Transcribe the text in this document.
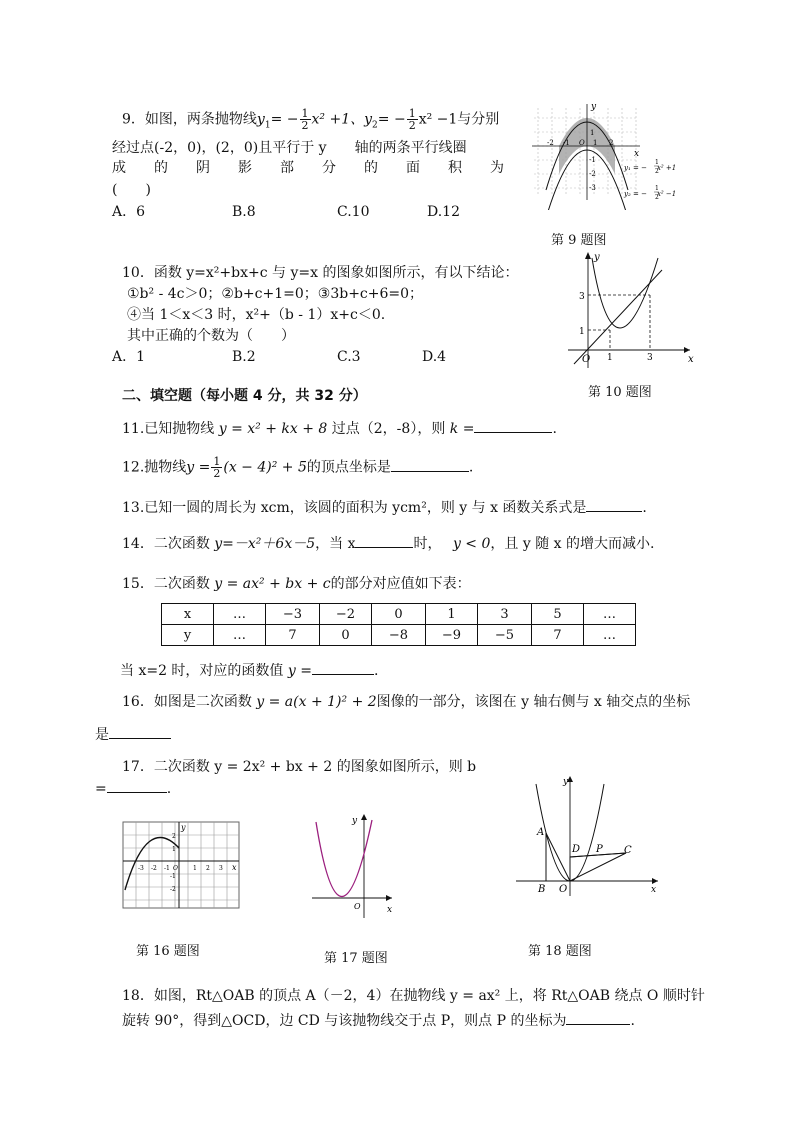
9．如图，两条抛物线$y_1= - \frac{1}{2} x^2 +1$、$y_2= - \frac{1}{2} x^2 -1$与分别
经过点(-2，0)，(2，0)且平行于 y　　轴的两条平行线圈
成　　的　　阴　　影　　部　　分　　的　　面　　积　　为
(　　)
A．6	B.8	C.10	D.12
y
x
-2 -1 O 1 2
1
-1
-2
-3
y₁ = − x² +1
y₂ = − x² −1
1
2
1
2
第 9 题图
10．函数 y=x²+bx+c 与 y=x 的图象如图所示，有以下结论：
①b² - 4c＞0；②b+c+1=0；③3b+c+6=0；
④当 1＜x＜3 时，x²+（b - 1）x+c＜0.
其中正确的个数为（　　）
A．1	B.2	C.3	D.4
y
x
O 1	3
1
3
第 10 题图
二、填空题（每小题 4 分，共 32 分）
11.已知抛物线 y = x² + kx + 8 过点（2，-8），则 k =	.
12.抛物线$y = \frac{1}{2} (x - 4)^2 + 5$的顶点坐标是	.
13.已知一圆的周长为 xcm，该圆的面积为 ycm²，则 y 与 x 函数关系式是	.
14．二次函数 y=－x²＋6x－5，当 x	时，　 y < 0，且 y 随 x 的增大而减小.
15．二次函数 y = ax² + bx + c的部分对应值如下表：
x	…	−3	−2	0	1	3	5	…
y	…	7	0	−8	−9	−5	7	…
当 x=2 时，对应的函数值 y =	.
16．如图是二次函数 y = a(x + 1)² + 2图像的一部分，该图在 y 轴右侧与 x 轴交点的坐标
是
17．二次函数 y = 2x² + bx + 2 的图象如图所示，则 b
=	.
x
y
-3 -2 -1 O	1 2 3
2
1
-1
-2
第 16 题图
x
y
O
第 17 题图
y
x
A
B O
D P C
第 18 题图
18．如图，Rt△OAB 的顶点 A（－2，4）在抛物线 y = ax² 上，将 Rt△OAB 绕点 O 顺时针
旋转 90°，得到△OCD，边 CD 与该抛物线交于点 P，则点 P 的坐标为	.
